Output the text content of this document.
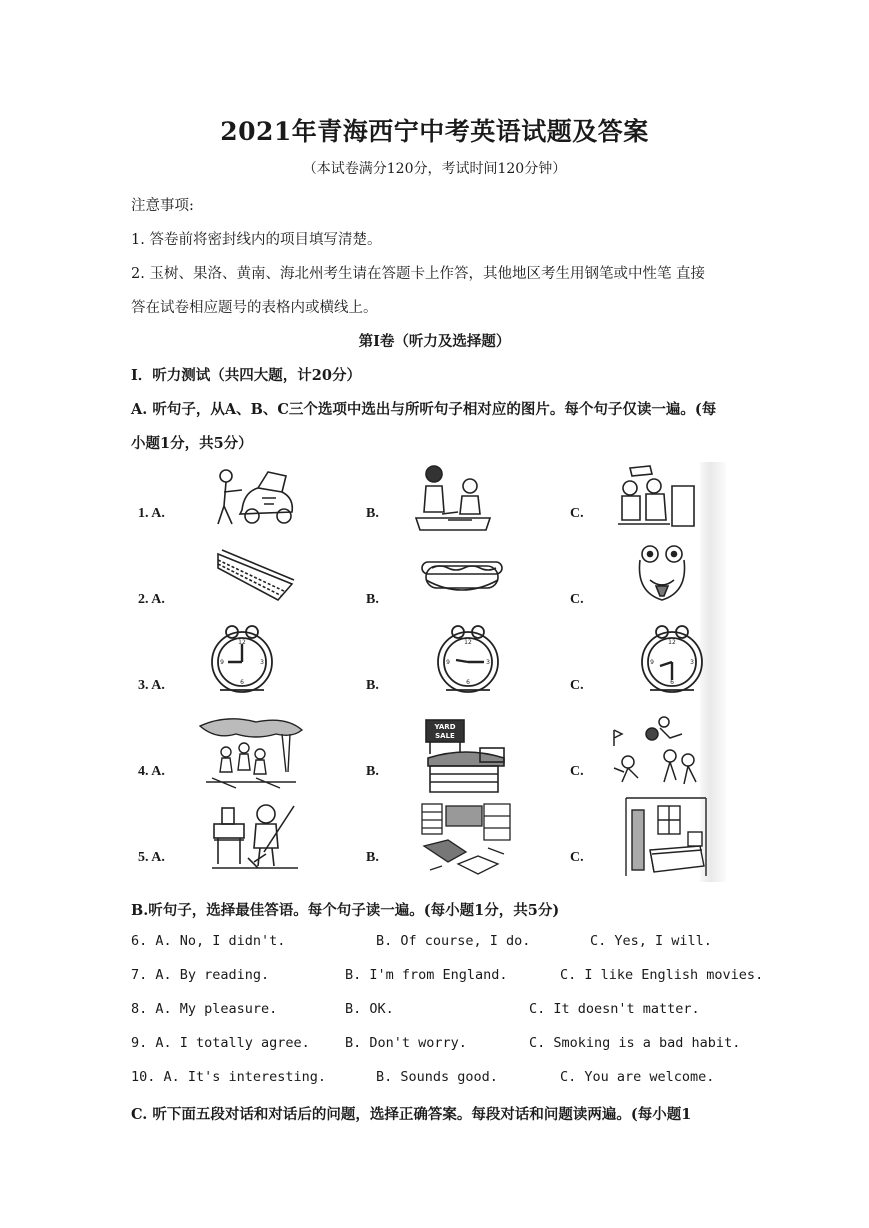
2021年青海西宁中考英语试题及答案
（本试卷满分120分，考试时间120分钟）
注意事项:
1. 答卷前将密封线内的项目填写清楚。
2. 玉树、果洛、黄南、海北州考生请在答题卡上作答，其他地区考生用钢笔或中性笔 直接
答在试卷相应题号的表格内或横线上。
第Ⅰ卷（听力及选择题）
I．听力测试（共四大题，计20分）
A. 听句子，从A、B、C三个选项中选出与所听句子相对应的图片。每个句子仅读一遍。(每
小题1分，共5分）
1. A.	B.	C.
2. A.	B.	C.
3. A.	B.	C.
4. A.	B.	C.
5. A.	B.	C.
12
3
6
9
12
3
6
9
12
3
6
9
YARD
SALE
B.听句子，选择最佳答语。每个句子读一遍。(每小题1分，共5分)
6. A. No, I didn't.	B. Of course, I do.	C. Yes, I will.
7. A. By reading.	B. I'm from England.	C. I like English movies.
8. A. My pleasure.	B. OK.	C. It doesn't matter.
9. A. I totally agree.	B. Don't worry.	C. Smoking is a bad habit.
10. A. It's interesting.	B. Sounds good.	C. You are welcome.
C. 听下面五段对话和对话后的问题，选择正确答案。每段对话和问题读两遍。(每小题1
